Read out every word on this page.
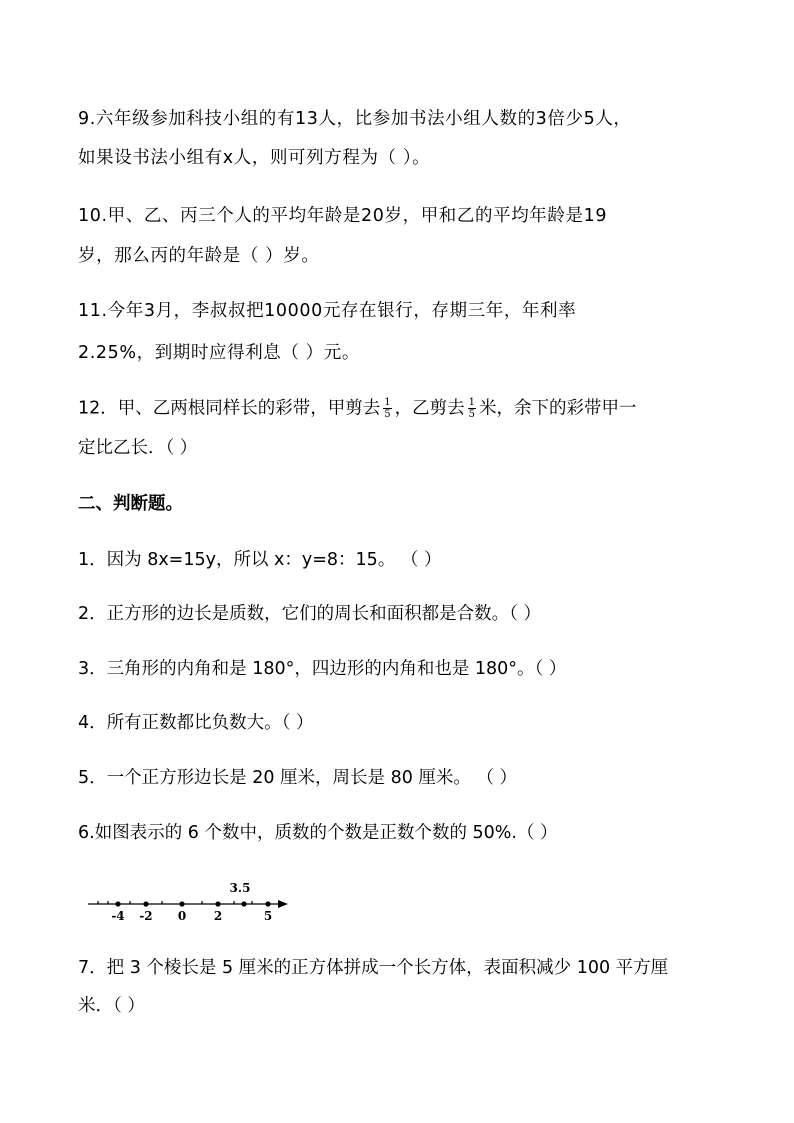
9.六年级参加科技小组的有13人，比参加书法小组人数的3倍少5人，
如果设书法小组有x人，则可列方程为（ ）。
10.甲、乙、丙三个人的平均年龄是20岁，甲和乙的平均年龄是19
岁，那么丙的年龄是（ ）岁。
11.今年3月，李叔叔把10000元存在银行，存期三年，年利率
2.25%，到期时应得利息（ ）元。
12．甲、乙两根同样长的彩带，甲剪去 $\frac{1}{5}$ ，乙剪去 $\frac{1}{5}$ 米，余下的彩带甲一
定比乙长．（ ）
二、判断题。
1．因为 8x=15y，所以 x：y=8：15。 （ ）
2．正方形的边长是质数，它们的周长和面积都是合数。（ ）
3．三角形的内角和是 180°，四边形的内角和也是 180°。（ ）
4．所有正数都比负数大。（ ）
5．一个正方形边长是 20 厘米，周长是 80 厘米。 （ ）
6.如图表示的 6 个数中，质数的个数是正数个数的 50%.（ ）
3.5
-4 -2 0 2	5
7．把 3 个棱长是 5 厘米的正方体拼成一个长方体，表面积减少 100 平方厘
米．（ ）
